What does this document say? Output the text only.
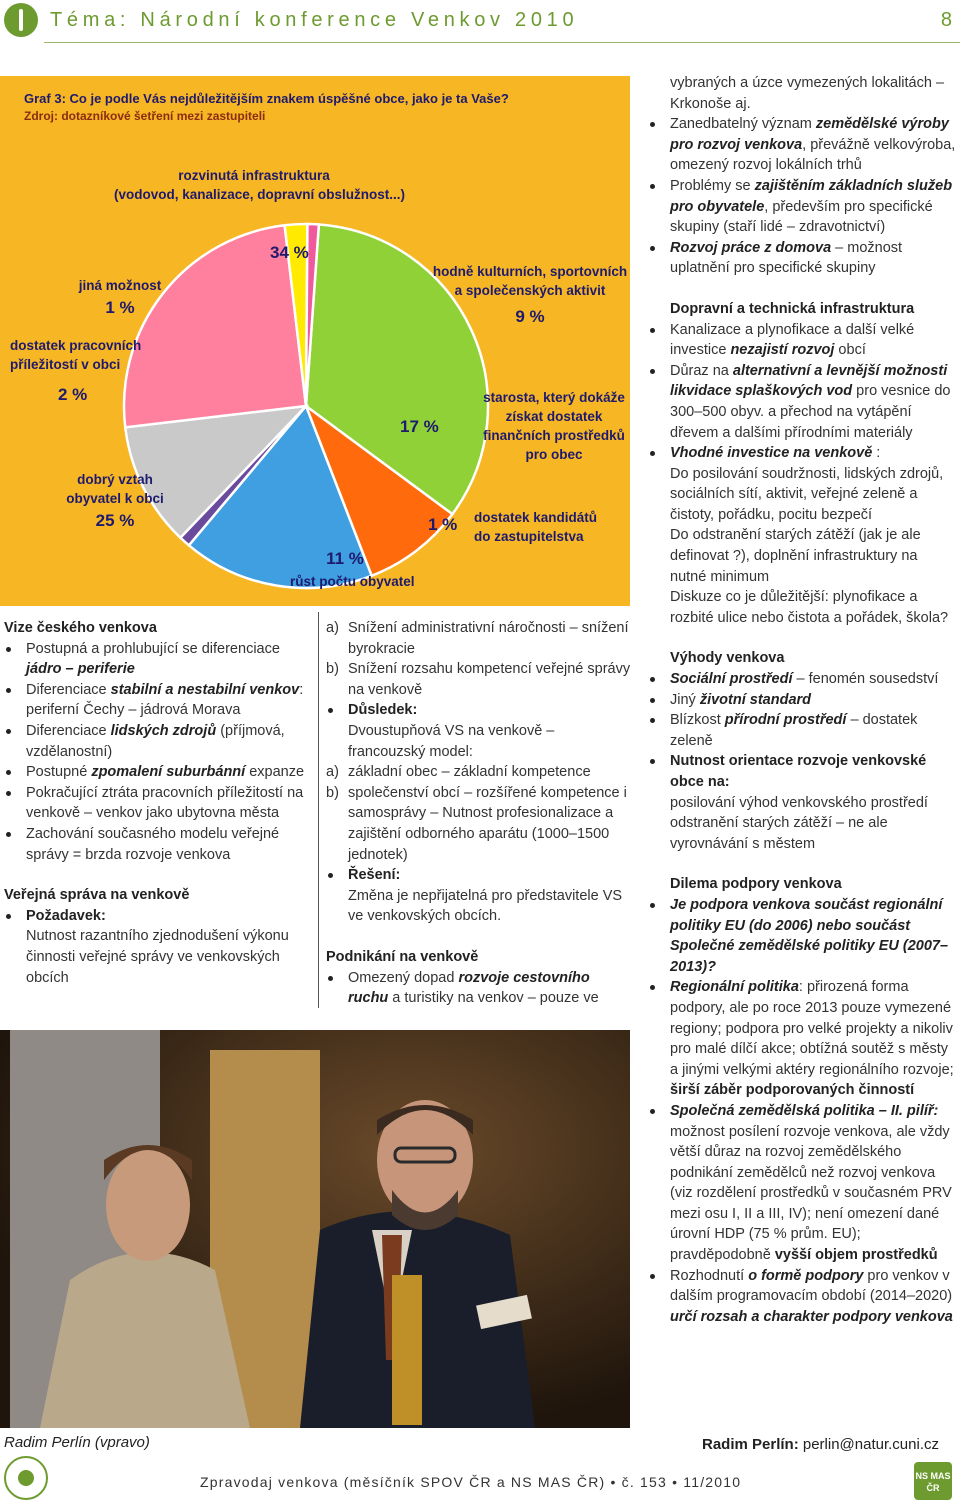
Téma: Národní konference Venkov 2010	8
Graf 3: Co je podle Vás nejdůležitějším znakem úspěšné obce, jako je ta Vaše?
Zdroj: dotazníkové šetření mezi zastupiteli
rozvinutá infrastruktura
(vodovod, kanalizace, dopravní obslužnost...)
34 %
hodně kulturních, sportovních
a společenských aktivit
9 %
starosta, který dokáže
získat dostatek
finančních prostředků
pro obec
17 %
dostatek kandidátů
do zastupitelstva
1 %
11 %
růst počtu obyvatel
dobrý vztah
obyvatel k obci
25 %
dostatek pracovních
příležitostí v obci
2 %
jiná možnost
1 %
Vize českého venkova

Postupná a prohlubující se diferenciace jádro – periferie

Diferenciace stabilní a nestabilní venkov: periferní Čechy – jádrová Morava

Diferenciace lidských zdrojů (příjmová, vzdělanostní)

Postupné zpomalení suburbánní expanze

Pokračující ztráta pracovních příležitostí na venkově – venkov jako ubytovna města

Zachování současného modelu veřejné správy = brzda rozvoje venkova

Veřejná správa na venkově

Požadavek:

Nutnost razantního zjednodušení výkonu činnosti veřejné správy ve venkovských obcích

a) Snížení administrativní náročnosti – snížení byrokracie

b) Snížení rozsahu kompetencí veřejné správy na venkově

Důsledek:

Dvoustupňová VS na venkově – francouzský model:

a) základní obec – základní kompetence

b) společenství obcí – rozšířené kompetence i samosprávy – Nutnost profesionalizace a zajištění odborného aparátu (1000–1500 jednotek)

Řešení:

Změna je nepřijatelná pro představitele VS ve venkovských obcích.

Podnikání na venkově

Omezený dopad rozvoje cestovního ruchu a turistiky na venkov – pouze ve

vybraných a úzce vymezených lokalitách – Krkonoše aj.

Zanedbatelný význam zemědělské výroby pro rozvoj venkova, převážně velkovýroba, omezený rozvoj lokálních trhů

Problémy se zajištěním základních služeb pro obyvatele, především pro specifické skupiny (staří lidé – zdravotnictví)

Rozvoj práce z domova – možnost uplatnění pro specifické skupiny

Dopravní a technická infrastruktura

Kanalizace a plynofikace a další velké investice nezajistí rozvoj obcí

Důraz na alternativní a levnější možnosti likvidace splaškových vod pro vesnice do 300–500 obyv. a přechod na vytápění dřevem a dalšími přírodními materiály

Vhodné investice na venkově :

Do posilování soudržnosti, lidských zdrojů, sociálních sítí, aktivit, veřejné zeleně a čistoty, pořádku, pocitu bezpečí

Do odstranění starých zátěží (jak je alе definovat ?), doplnění infrastruktury na nutné minimum

Diskuze co je důležitější: plynofikace a rozbité ulice nebo čistota a pořádek, škola?

Výhody venkova

Sociální prostředí – fenomén sousedství

Jiný životní standard

Blízkost přírodní prostředí – dostatek zeleně

Nutnost orientace rozvoje venkovské obce na:

posilování výhod venkovského prostředí odstranění starých zátěží – ne ale vyrovnávání s městem

Dilema podpory venkova

Je podpora venkova součást regionální politiky EU (do 2006) nebo součást Společné zemědělské politiky EU (2007–2013)?

Regionální politika: přirozená forma podpory, ale po roce 2013 pouze vymezené regiony; podpora pro velké projekty a nikoliv pro malé dílčí akce; obtížná soutěž s městy a jinými velkými aktéry regionálního rozvoje; širší záběr podporovaných činností

Společná zemědělská politika – II. pilíř: možnost posílení rozvoje venkova, ale vždy větší důraz na rozvoj zemědělského podnikání zemědělců než rozvoj venkova (viz rozdělení prostředků v současném PRV mezi osu I, II a III, IV); není omezení dané úrovní HDP (75 % prům. EU); pravděpodobně vyšší objem prostředků

Rozhodnutí o formě podpory pro venkov v dalším programovacím období (2014–2020) určí rozsah a charakter podpory venkova

Radim Perlín (vpravo)	Radim Perlín: perlin@natur.cuni.cz
Zpravodaj venkova (měsíčník SPOV ČR a NS MAS ČR) • č. 153 • 11/2010	NS MAS ČR
